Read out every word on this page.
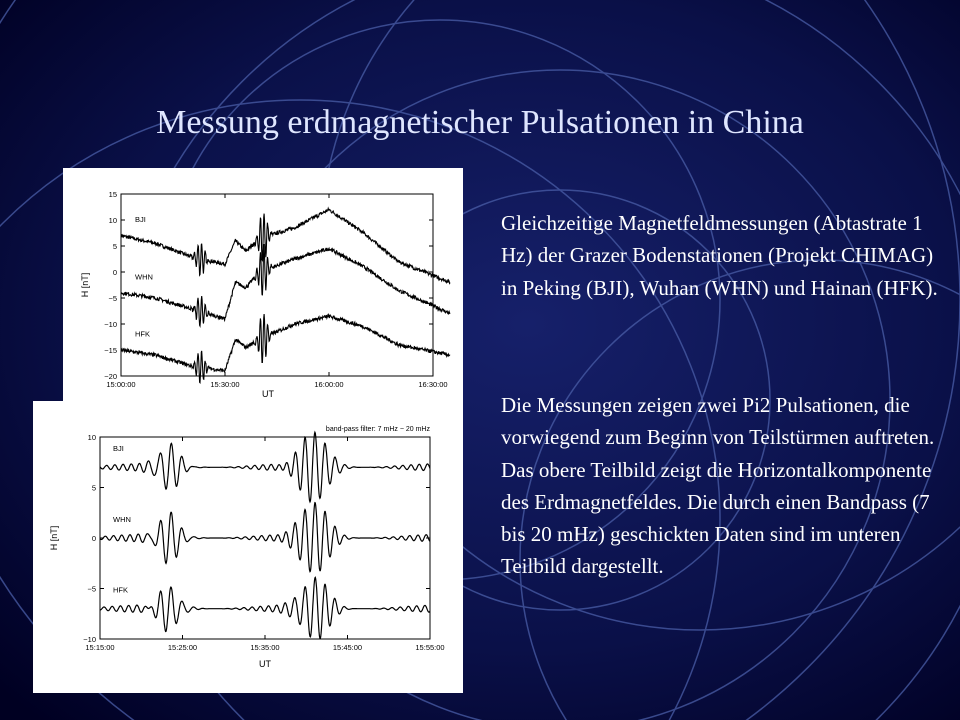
Messung erdmagnetischer Pulsationen in China
15
10
5
0
−5
−10
−15
−20
15:00:00	15:30:00	16:00:00	16:30:00
BJI
WHN
HFK
H [nT]
UT
band-pass filter: 7 mHz − 20 mHz
10
5
0
−5
−10
15:15:00	15:25:00	15:35:00	15:45:00	15:55:00
BJI
WHN
HFK
H [nT]
UT

Gleichzeitige Magnetfeldmessungen (Abtastrate 1 Hz) der Grazer Bodenstationen (Projekt CHIMAG) in Peking (BJI), Wuhan (WHN) und Hainan (HFK).

Die Messungen zeigen zwei Pi2 Pulsationen, die vorwiegend zum Beginn von Teilstürmen auftreten. Das obere Teilbild zeigt die Horizontalkomponente des Erdmagnetfeldes. Die durch einen Bandpass (7 bis 20 mHz) geschickten Daten sind im unteren Teilbild dargestellt.
